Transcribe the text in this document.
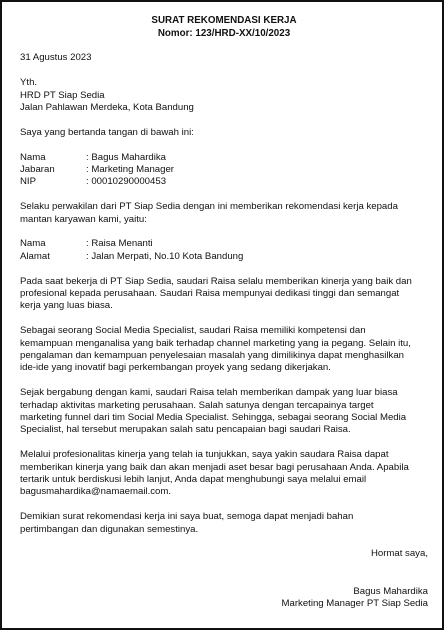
SURAT REKOMENDASI KERJA
Nomor: 123/HRD-XX/10/2023
31 Agustus 2023
Yth.
HRD PT Siap Sedia
Jalan Pahlawan Merdeka, Kota Bandung
Saya yang bertanda tangan di bawah ini:
Nama	: Bagus Mahardika
Jabaran	: Marketing Manager
NIP	: 00010290000453
Selaku perwakilan dari PT Siap Sedia dengan ini memberikan rekomendasi kerja kepada
mantan karyawan kami, yaitu:
Nama	: Raisa Menanti
Alamat	: Jalan Merpati, No.10 Kota Bandung
Pada saat bekerja di PT Siap Sedia, saudari Raisa selalu memberikan kinerja yang baik dan
profesional kepada perusahaan. Saudari Raisa mempunyai dedikasi tinggi dan semangat
kerja yang luas biasa.
Sebagai seorang Social Media Specialist, saudari Raisa memiliki kompetensi dan
kemampuan menganalisa yang baik terhadap channel marketing yang ia pegang. Selain itu,
pengalaman dan kemampuan penyelesaian masalah yang dimilikinya dapat menghasilkan
ide-ide yang inovatif bagi perkembangan proyek yang sedang dikerjakan.
Sejak bergabung dengan kami, saudari Raisa telah memberikan dampak yang luar biasa
terhadap aktivitas marketing perusahaan. Salah satunya dengan tercapainya target
marketing funnel dari tim Social Media Specialist. Sehingga, sebagai seorang Social Media
Specialist, hal tersebut merupakan salah satu pencapaian bagi saudari Raisa.
Melalui profesionalitas kinerja yang telah ia tunjukkan, saya yakin saudara Raisa dapat
memberikan kinerja yang baik dan akan menjadi aset besar bagi perusahaan Anda. Apabila
tertarik untuk berdiskusi lebih lanjut, Anda dapat menghubungi saya melalui email
bagusmahardika@namaemail.com.
Demikian surat rekomendasi kerja ini saya buat, semoga dapat menjadi bahan
pertimbangan dan digunakan semestinya.
Hormat saya,
Bagus Mahardika
Marketing Manager PT Siap Sedia
